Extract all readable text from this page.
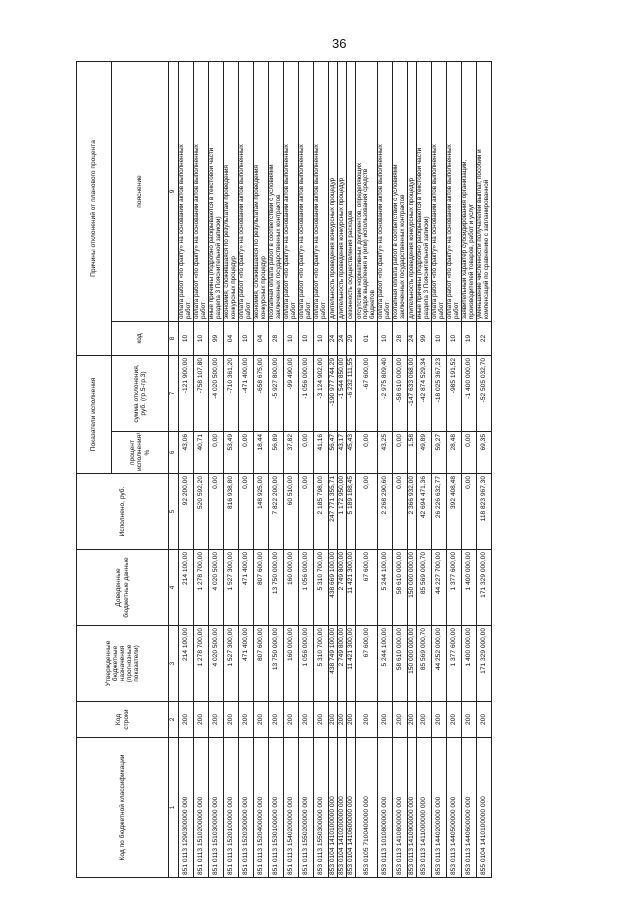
36
Код по бюджетной классификации	Код строки	Утвержденные бюджетные назначения (прогнозные показатели)	Доведенные бюджетные данные	Исполнено, руб.	Показатели исполнения		Причины отклонений от планового процента	
					процент исполнения¹, %	сумма отклонения, руб. (гр.5-гр.3)	код	пояснение
1	2	3	4	5	6	7	8	9
851 0113 1290300000 000	200	214 100,00	214 100,00	92 200,00	43,06	-121 900,00	10	оплата работ «по факту» на основании актов выполненных работ

851 0113 1510200000 000	200	1 278 700,00	1 278 700,00	520 592,20	40,71	-758 107,80	10	оплата работ «по факту» на основании актов выполненных работ

851 0113 1510300000 000	200	4 020 500,00	4 020 500,00	0,00	0,00	-4 020 500,00	99	иные причины (подробно раскрываются в текстовой части раздела 3 Пояснительной записки)

851 0113 1520100000 000	200	1 527 300,00	1 527 300,00	816 938,80	53,49	-710 361,20	04	экономия, сложившаяся по результатам проведения конкурсных процедур

851 0113 1520300000 000	200	471 400,00	471 400,00	0,00	0,00	-471 400,00	10	оплата работ «по факту» на основании актов выполненных работ

851 0113 1520400000 000	200	807 600,00	807 600,00	148 925,00	18,44	-658 675,00	04	экономия, сложившаяся по результатам проведения конкурсных процедур

851 0113 1530100000 000	200	13 750 000,00	13 750 000,00	7 822 200,00	56,89	-5 927 800,00	28	поэтапная оплата работ в соответствии с условиями заключенных государственных контрактов

851 0113 1540200000 000	200	160 000,00	160 000,00	60 510,00	37,82	-99 490,00	10	оплата работ «по факту» на основании актов выполненных работ

851 0113 1550200000 000	200	1 056 000,00	1 056 000,00	0,00	0,00	-1 056 000,00	10	оплата работ «по факту» на основании актов выполненных работ

853 0113 1550300000 000	200	5 310 700,00	5 310 700,00	2 185 798,00	41,16	-3 124 902,00	10	оплата работ «по факту» на основании актов выполненных работ

853 0104 1410100000 000	200	438 749 100,00	438 669 100,00	247 771 355,71	56,47	-190 977 744,29	24	длительность проведения конкурсных процедур

853 0104 1410200000 000	200	2 749 800,00	2 749 800,00	1 172 950,00	43,17	-1 544 850,00	24	длительность проведения конкурсных процедур

853 0104 1410600000 000	200	11 421 300,00	11 421 300,00	5 189 188,45	45,43	-6 232 111,55	29	сезонность осуществления расходов

853 0105 7100400000 000	200	67 600,00	67 600,00	0,00	0,00	-67 600,00	01	отсутствие нормативных документов, определяющих порядок выделения и (или) использования средств бюджетов

853 0113 1010800000 000	200	5 244 100,00	5 244 100,00	2 268 290,60	43,25	-2 975 809,40	10	оплата работ «по факту» на основании актов выполненных работ

853 0113 1410800000 000	200	58 610 000,00	58 610 000,00	0,00	0,00	-58 610 000,00	28	поэтапная оплата работ в соответствии с условиями заключенных государственных контрактов

853 0113 1410900000 000	200	150 000 000,00	150 000 000,00	2 366 932,00	1,58	-147 633 068,00	24	длительность проведения конкурсных процедур

853 0113 1411000000 000	200	85 569 000,70	85 569 000,70	42 694 471,36	49,89	-42 874 529,34	99	иные причины (подробно раскрываются в текстовой части раздела 3 Пояснительной записки)

853 0113 1440200000 000	200	44 252 000,00	44 227 700,00	26 226 632,77	59,27	-18 025 367,23	10	оплата работ «по факту» на основании актов выполненных работ

853 0113 1440500000 000	200	1 377 600,00	1 377 600,00	392 408,48	28,48	-985 191,52	10	оплата работ «по факту» на основании актов выполненных работ

853 0113 1440600000 000	200	1 400 000,00	1 400 000,00	0,00	0,00	-1 400 000,00	19	заявительный характер субсидирования организаций, производителей товаров, работ и услуг

855 0104 1410100000 000	200	171 329 000,00	171 329 000,00	118 823 967,30	69,35	-52 505 032,70	22	уменьшение численности получателей выплат, пособий и компенсаций по сравнению с запланированной
